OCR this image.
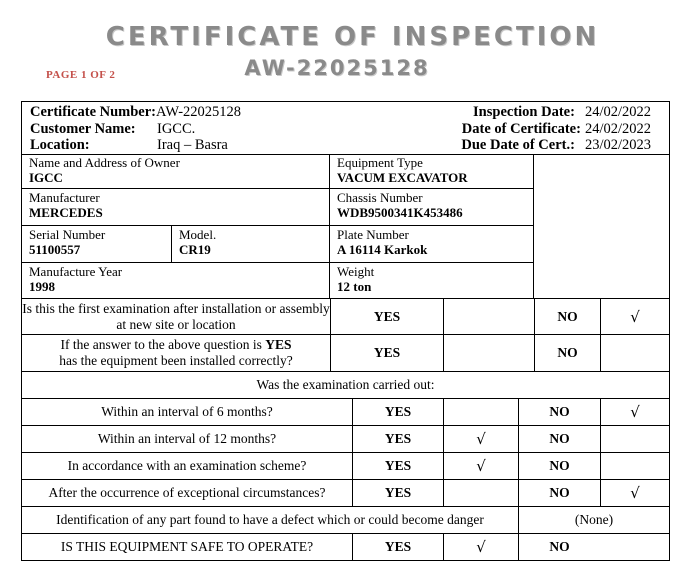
CERTIFICATE OF INSPECTION
AW-22025128
PAGE 1 OF 2
Certificate Number:AW-22025128
Customer Name: IGCC.
Location:	Iraq – Basra
Inspection Date: 24/02/2022
Date of Certificate: 24/02/2022
Due Date of Cert.: 23/02/2023
Name and Address of Owner
IGCC
Equipment Type
VACUM EXCAVATOR
Manufacturer
MERCEDES
Chassis Number
WDB9500341K453486
Serial Number
51100557
Model.
CR19
Plate Number
A 16114 Karkok
Manufacture Year
1998
Weight
12 ton
Is this the first examination after installation or assembly at new site or location
YES	NO	√
If the answer to the above question is YES
has the equipment been installed correctly?
YES	NO
Was the examination carried out:
Within an interval of 6 months?	YES	NO	√
Within an interval of 12 months?	YES	√	NO
In accordance with an examination scheme?	YES	√	NO
After the occurrence of exceptional circumstances?	YES	NO	√
Identification of any part found to have a defect which or could become danger	(None)
IS THIS EQUIPMENT SAFE TO OPERATE?	YES	√	NO
